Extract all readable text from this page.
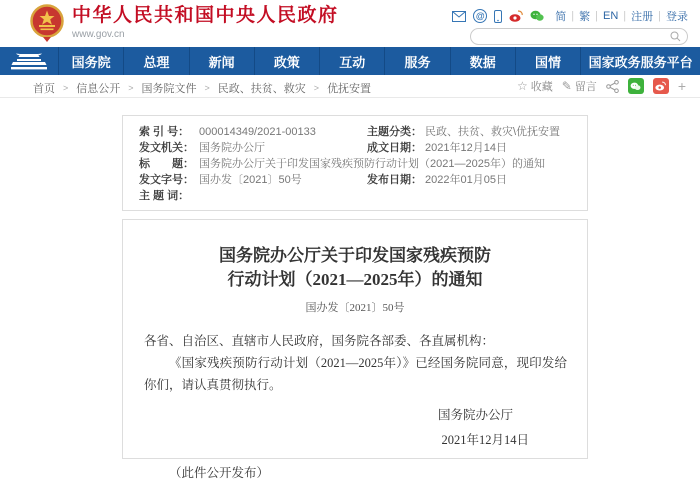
中华人民共和国中央人民政府
www.gov.cn
@	简 | 繁 | EN | 注册 | 登录
国务院	总理	新闻	政策	互动	服务	数据	国情	国家政务服务平台
首页 > 信息公开 > 国务院文件 > 民政、扶贫、救灾 > 优抚安置	☆ 收藏 ✎ 留言	+
索 引 号： 000014349/2021-00133	主题分类： 民政、扶贫、救灾\优抚安置
发文机关： 国务院办公厅	成文日期： 2021年12月14日
标　　题： 国务院办公厅关于印发国家残疾预防行动计划（2021—2025年）的通知
发文字号： 国办发〔2021〕50号	发布日期： 2022年01月05日
主 题 词：
国务院办公厅关于印发国家残疾预防
行动计划（2021—2025年）的通知
国办发〔2021〕50号

各省、自治区、直辖市人民政府，国务院各部委、各直属机构：

《国家残疾预防行动计划（2021—2025年）》已经国务院同意，现印发给你们，请认真贯彻执行。

国务院办公厅
2021年12月14日
（此件公开发布）
